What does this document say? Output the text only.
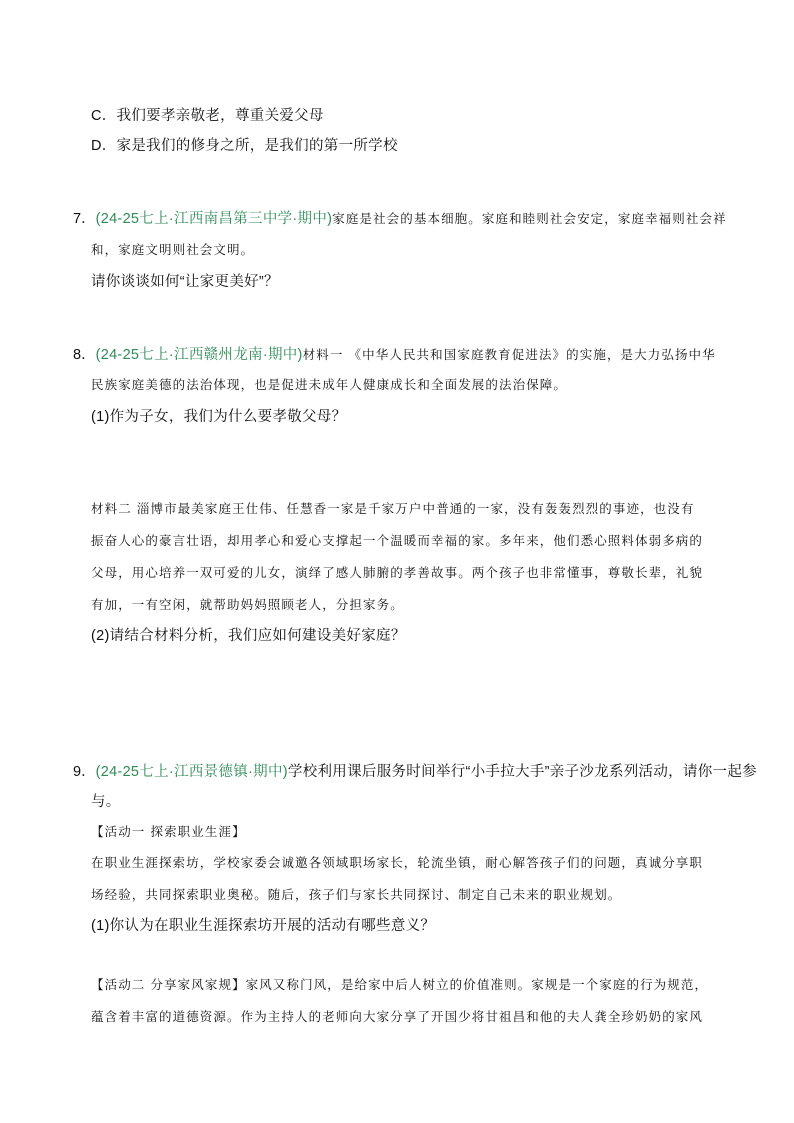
C．我们要孝亲敬老，尊重关爱父母
D．家是我们的修身之所，是我们的第一所学校
7．(24-25七上·江西南昌第三中学·期中)家庭是社会的基本细胞。家庭和睦则社会安定，家庭幸福则社会祥
和，家庭文明则社会文明。
请你谈谈如何“让家更美好”？
8．(24-25七上·江西赣州龙南·期中)材料一 《中华人民共和国家庭教育促进法》的实施，是大力弘扬中华
民族家庭美德的法治体现，也是促进未成年人健康成长和全面发展的法治保障。
(1)作为子女，我们为什么要孝敬父母？
材料二 淄博市最美家庭王仕伟、任慧香一家是千家万户中普通的一家，没有轰轰烈烈的事迹，也没有
振奋人心的豪言壮语，却用孝心和爱心支撑起一个温暖而幸福的家。多年来，他们悉心照料体弱多病的
父母，用心培养一双可爱的儿女，演绎了感人肺腑的孝善故事。两个孩子也非常懂事，尊敬长辈，礼貌
有加，一有空闲，就帮助妈妈照顾老人，分担家务。
(2)请结合材料分析，我们应如何建设美好家庭？
9．(24-25七上·江西景德镇·期中)学校利用课后服务时间举行“小手拉大手”亲子沙龙系列活动，请你一起参
与。
【活动一 探索职业生涯】
在职业生涯探索坊，学校家委会诚邀各领域职场家长，轮流坐镇，耐心解答孩子们的问题，真诚分享职
场经验，共同探索职业奥秘。随后，孩子们与家长共同探讨、制定自己未来的职业规划。
(1)你认为在职业生涯探索坊开展的活动有哪些意义？
【活动二 分享家风家规】家风又称门风，是给家中后人树立的价值准则。家规是一个家庭的行为规范，
蕴含着丰富的道德资源。作为主持人的老师向大家分享了开国少将甘祖昌和他的夫人龚全珍奶奶的家风
